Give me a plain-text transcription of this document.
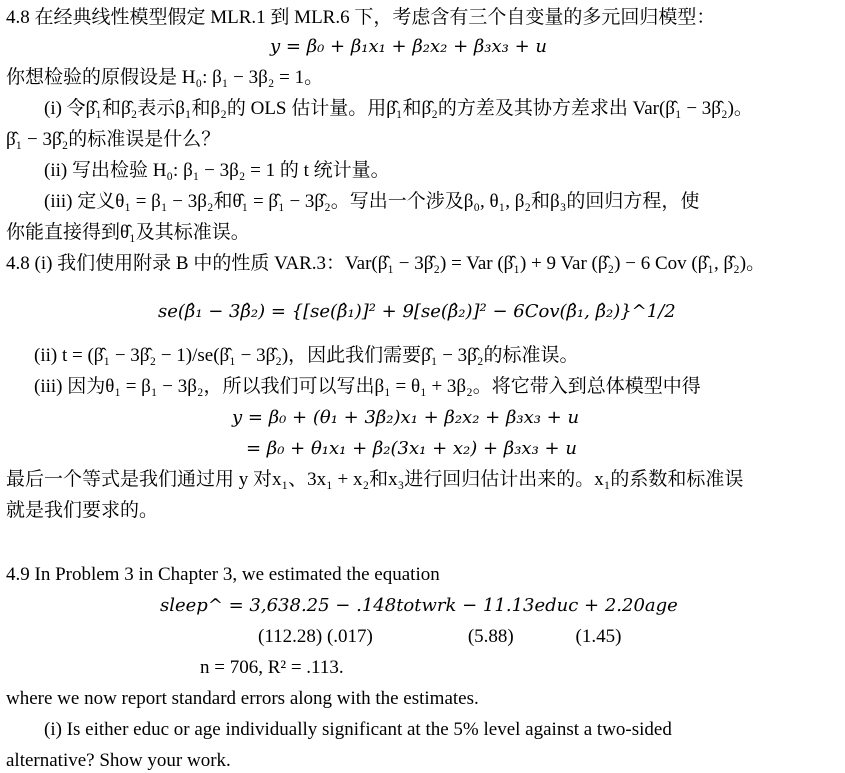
4.8 在经典线性模型假定 MLR.1 到 MLR.6 下，考虑含有三个自变量的多元回归模型：
y = β₀ + β₁x₁ + β₂x₂ + β₃x₃ + u
你想检验的原假设是 H₀: β₁ − 3β₂ = 1。
(i) 令β̂₁和β̂₂表示β₁和β₂的 OLS 估计量。用β̂₁和β̂₂的方差及其协方差求出 Var(β̂₁ − 3β̂₂)。
β̂₁ − 3β̂₂的标准误是什么？
(ii) 写出检验 H₀: β₁ − 3β₂ = 1 的 t 统计量。
(iii) 定义θ₁ = β₁ − 3β₂和θ̂₁ = β̂₁ − 3β̂₂。写出一个涉及β₀, θ₁, β₂和β₃的回归方程，使
你能直接得到θ̂₁及其标准误。
4.8 (i) 我们使用附录 B 中的性质 VAR.3：Var(β̂₁ − 3β̂₂) = Var (β̂₁) + 9 Var (β̂₂) − 6 Cov (β̂₁, β̂₂)。
se(β̂₁ − 3β̂₂) = {[se(β̂₁)]² + 9[se(β̂₂)]² − 6Cov(β̂₁, β̂₂)}^1/2
(ii) t = (β̂₁ − 3β̂₂ − 1)/se(β̂₁ − 3β̂₂)，因此我们需要β̂₁ − 3β̂₂的标准误。
(iii) 因为θ₁ = β₁ − 3β₂，所以我们可以写出β₁ = θ₁ + 3β₂。将它带入到总体模型中得
y = β₀ + (θ₁ + 3β₂)x₁ + β₂x₂ + β₃x₃ + u
= β₀ + θ₁x₁ + β₂(3x₁ + x₂) + β₃x₃ + u
最后一个等式是我们通过用 y 对x₁、3x₁ + x₂和x₃进行回归估计出来的。x₁的系数和标准误
就是我们要求的。
4.9 In Problem 3 in Chapter 3, we estimated the equation
sleep^ = 3,638.25 − .148totwrk − 11.13educ + 2.20age
(112.28) (.017)                    (5.88)             (1.45)
n = 706, R² = .113.
where we now report standard errors along with the estimates.
(i) Is either educ or age individually significant at the 5% level against a two-sided
alternative? Show your work.
